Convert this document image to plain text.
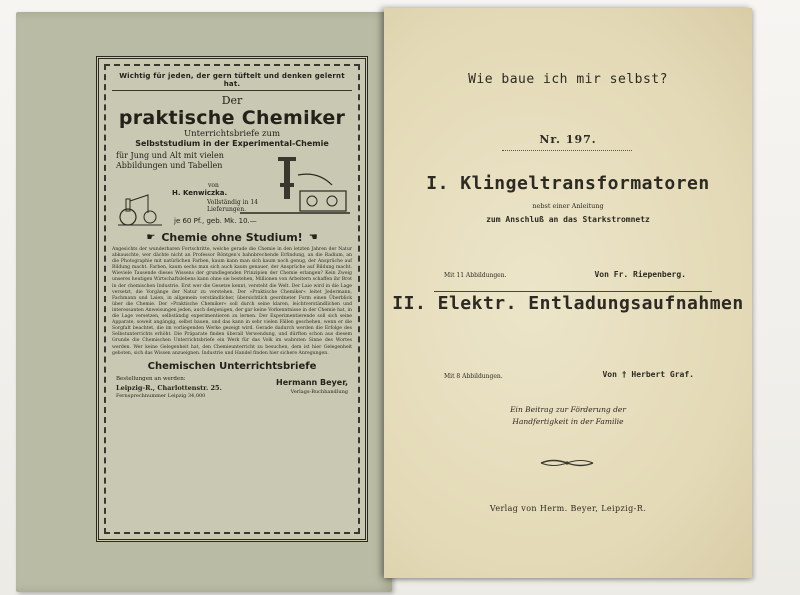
Wichtig für jeden, der gern tüftelt und denken gelernt hat.
Der
praktische Chemiker
Unterrichtsbriefe zum
Selbststudium in der Experimental-Chemie
für Jung und Alt mit vielen
Abbildungen und Tabellen
von
H. Kenwiczka.
Vollständig in 14 Lieferungen.
je 60 Pf., geb. Mk. 10.—
☛ Chemie ohne Studium! ☚
Angesichts der wunderbaren Fortschritte, welche gerade die Chemie in den letzten Jahren der Natur abkauschte, wer dächte nicht an Professor Röntgen's bahnbrechende Erfindung, an die Radium, an die Photographie mit natürlichen Farben, kaum kann man sich kaum noch genug, der Ansprüche auf Bildung macht. Farben, kaum sechs man sich auch kaum genauer, der Ansprüche auf Bildung macht. Wieviele Tausende dieses Wissens der grundlegenden Prinzipien der Chemie erlangen? Kein Zweig unseres heutigen Wirtschaftslebens kann ohne sie bestehen, Millionen von Arbeitern schaffen ihr Brot in der chemischen Industrie. Erst wer die Gesetze kennt, versteht die Welt. Der Laie wird in die Lage versetzt, die Vorgänge der Natur zu verstehen. Der »Praktische Chemiker« leitet Jedermann, Fachmann und Laien, in allgemein verständlicher, übersichtlich geordneter Form einen Überblick über die Chemie. Der »Praktische Chemiker« soll durch seine klaren, leichtverständlichen und interessanten Anweisungen jeden, auch denjenigen, der gar keine Vorkenntnisse in der Chemie hat, in die Lage versetzen, selbständig experimentieren zu lernen. Der Experimentierende soll sich seine Apparate, soweit angängig, selbst bauen, und das kann in sehr vielen Fällen geschehen, wenn er die Sorgfalt beachtet, die im vorliegenden Werke gezeigt wird. Gerade dadurch werden die Erfolge des Selbstunterrichts erhöht. Die Präparate finden überall Verwendung, und dürften schon aus diesem Grunde die Chemischen Unterrichtsbriefe ein Werk für das Volk im wahrsten Sinne des Wortes werden. Wer keine Gelegenheit hat, den Chemieunterricht zu besuchen, dem ist hier Gelegenheit geboten, sich das Wissen anzueignen. Industrie und Handel finden hier sichere Anregungen.
Chemischen Unterrichtsbriefe
Bestellungen an werden:
Leipzig-R., Charlottenstr. 25.
Fernsprechnummer Leipzig 34,000
Hermann Beyer,
Verlags-Buchhandlung
Wie baue ich mir selbst?
Nr. 197.
I. Klingeltransformatoren
nebst einer Anleitung
zum Anschluß an das Starkstromnetz
Mit 11 Abbildungen.	Von Fr. Riepenberg.
II. Elektr. Entladungsaufnahmen
Mit 8 Abbildungen.	Von † Herbert Graf.
Ein Beitrag zur Förderung der
Handfertigkeit in der Familie
Verlag von Herm. Beyer, Leipzig-R.
